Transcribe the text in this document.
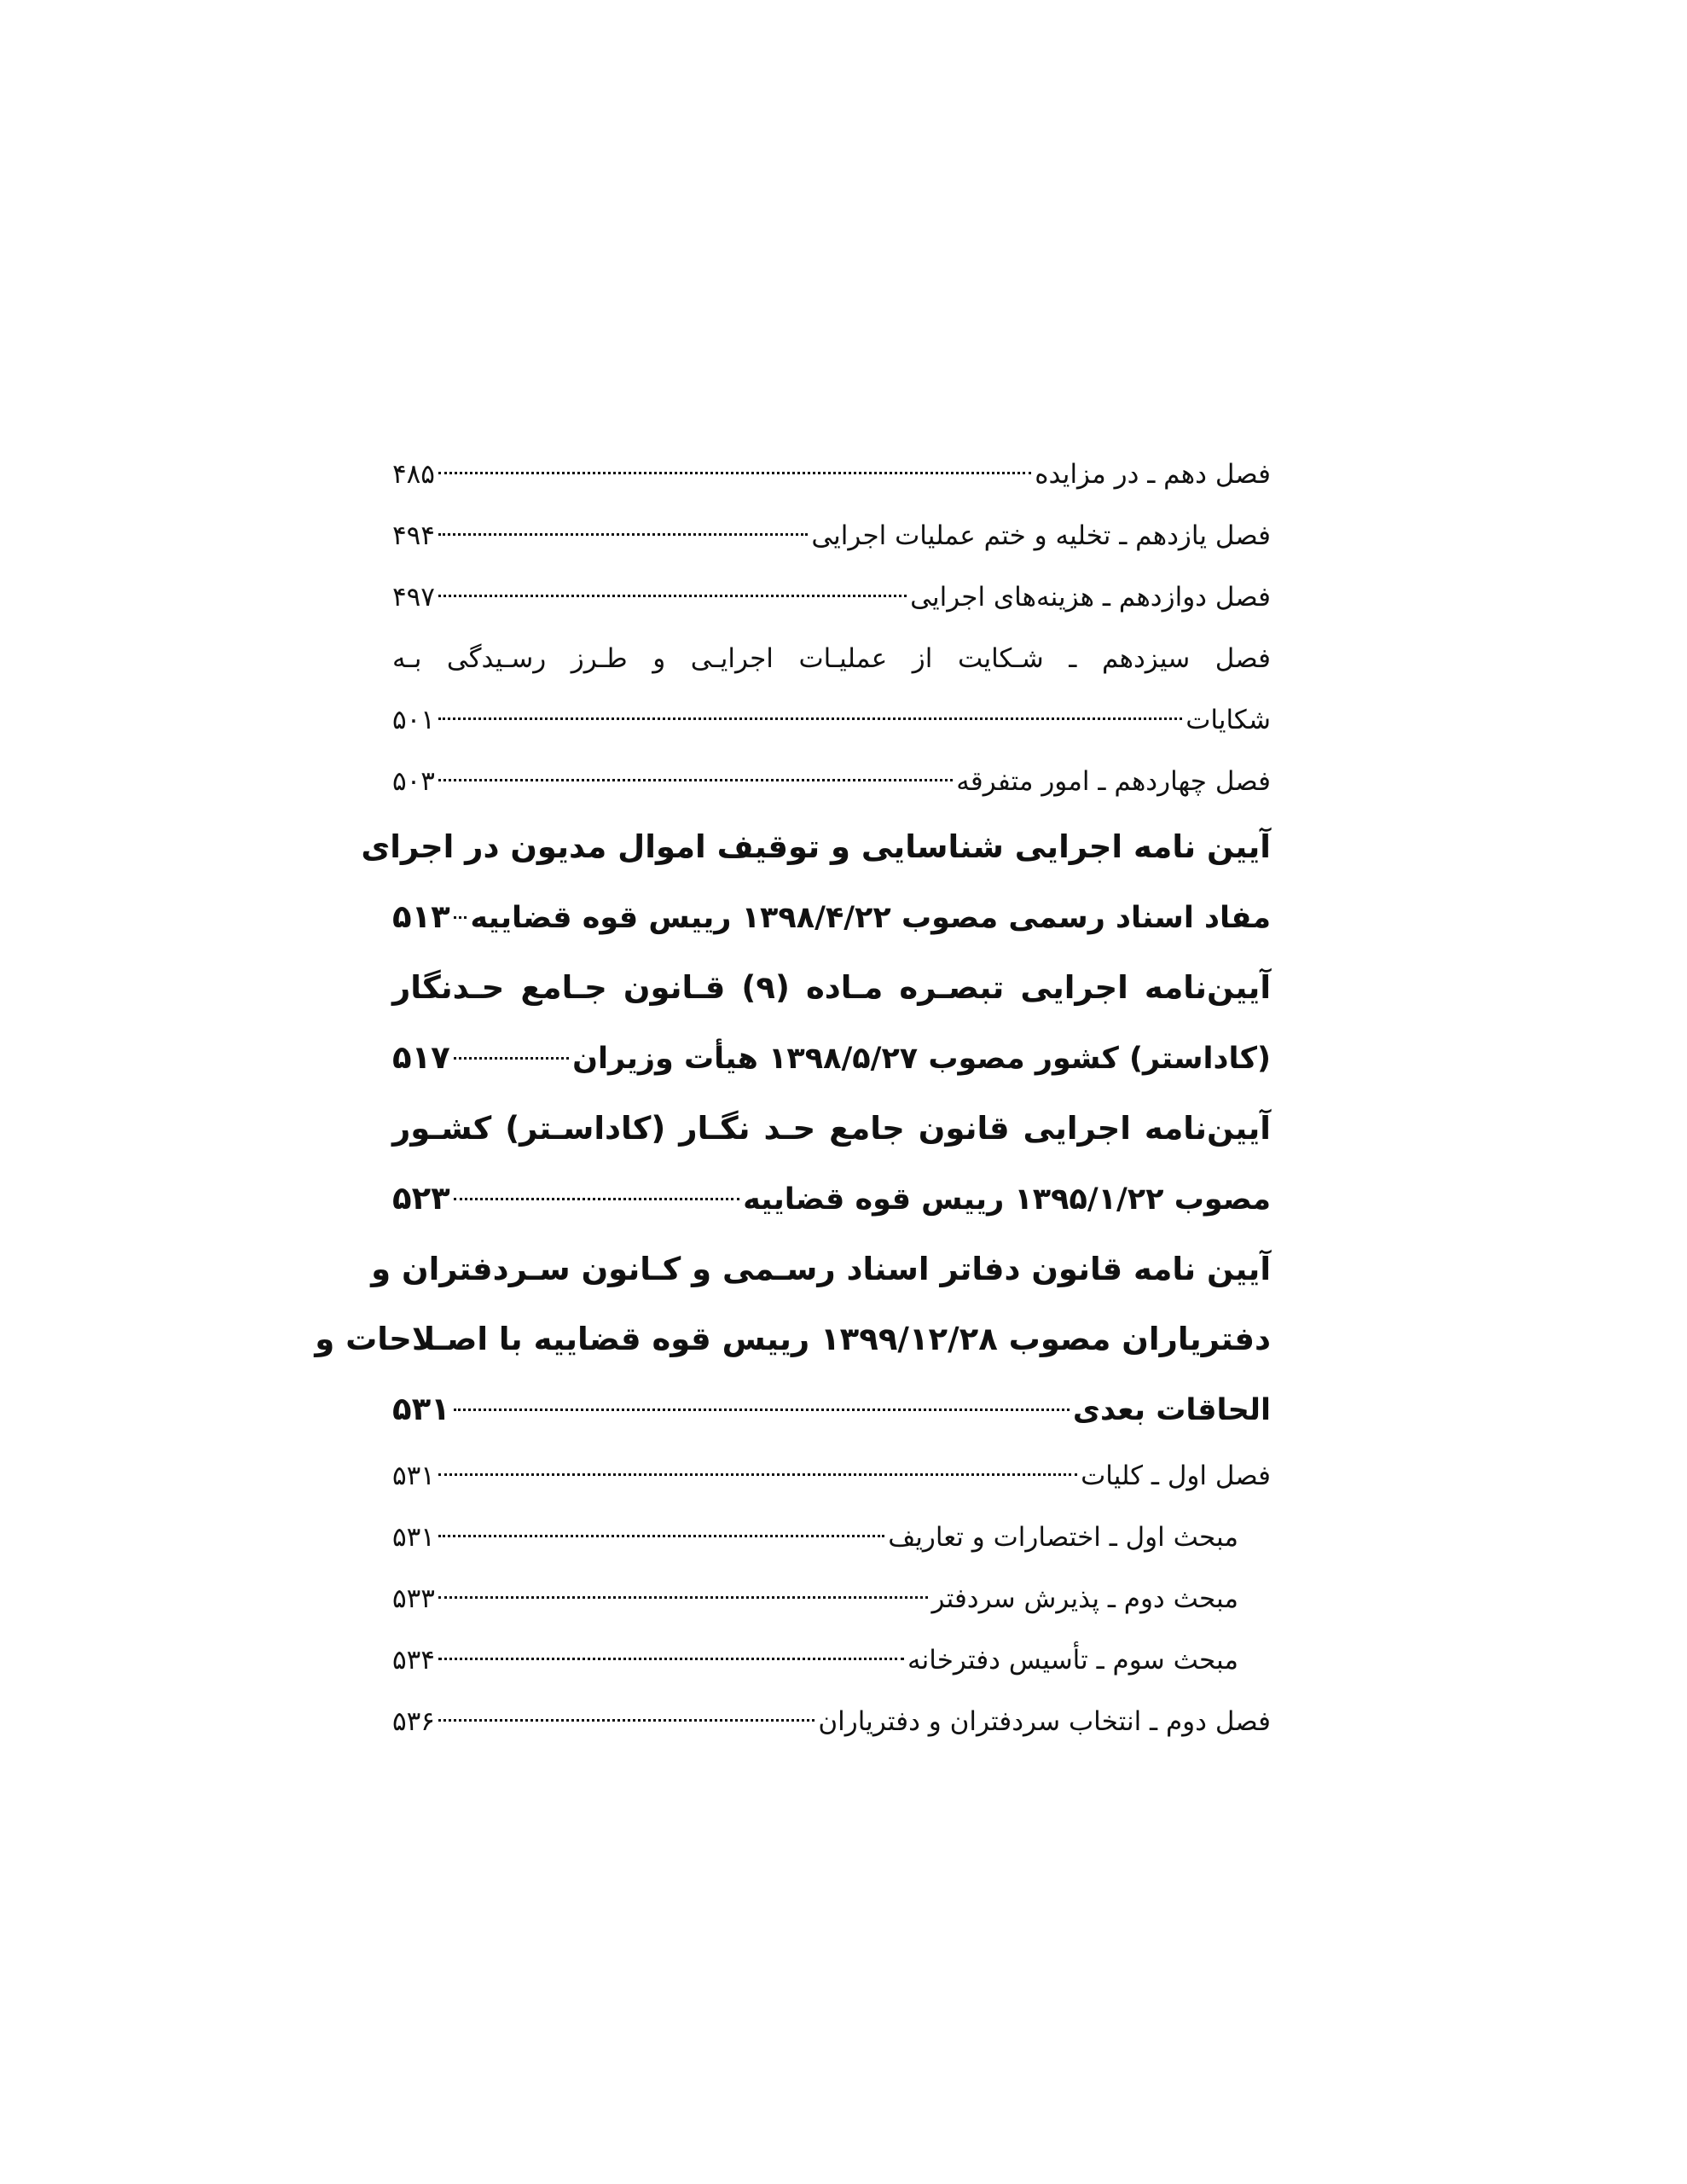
فصل دهم ـ در مزایده
۴۸۵
فصل یازدهم ـ تخلیه و ختم عملیات اجرایی
۴۹۴
فصل دوازدهم ـ هزینه‌های اجرایی
۴۹۷
فصل سیزدهم ـ شـکایت از عملیـات اجرایـی و طـرز رسـیدگی بـه
شکایات
۵۰۱
فصل چهاردهم ـ امور متفرقه
۵۰۳
آیین نامه اجرایی شناسایی و توقیف اموال مدیون در اجرای
مفاد اسناد رسمی مصوب ۱۳۹۸/۴/۲۲ رییس قوه قضاییه
۵۱۳
آیین‌نامه اجرایی تبصـره مـاده (۹) قـانون جـامع حـدنگار
(کاداستر) کشور مصوب ۱۳۹۸/۵/۲۷ هیأت وزیران
۵۱۷
آیین‌نامه اجرایی قانون جامع حـد نگـار (کاداسـتر) کشـور
مصوب ۱۳۹۵/۱/۲۲ رییس قوه قضاییه
۵۲۳
آیین نامه قانون دفاتر اسناد رسـمی و کـانون سـردفتران و
دفتریاران مصوب ۱۳۹۹/۱۲/۲۸ رییس قوه قضاییه با اصـلاحات و
الحاقات بعدی
۵۳۱
فصل اول ـ کلیات
۵۳۱
مبحث اول ـ اختصارات و تعاریف
۵۳۱
مبحث دوم ـ پذیرش سردفتر
۵۳۳
مبحث سوم ـ تأسیس دفترخانه
۵۳۴
فصل دوم ـ انتخاب سردفتران و دفتریاران
۵۳۶
